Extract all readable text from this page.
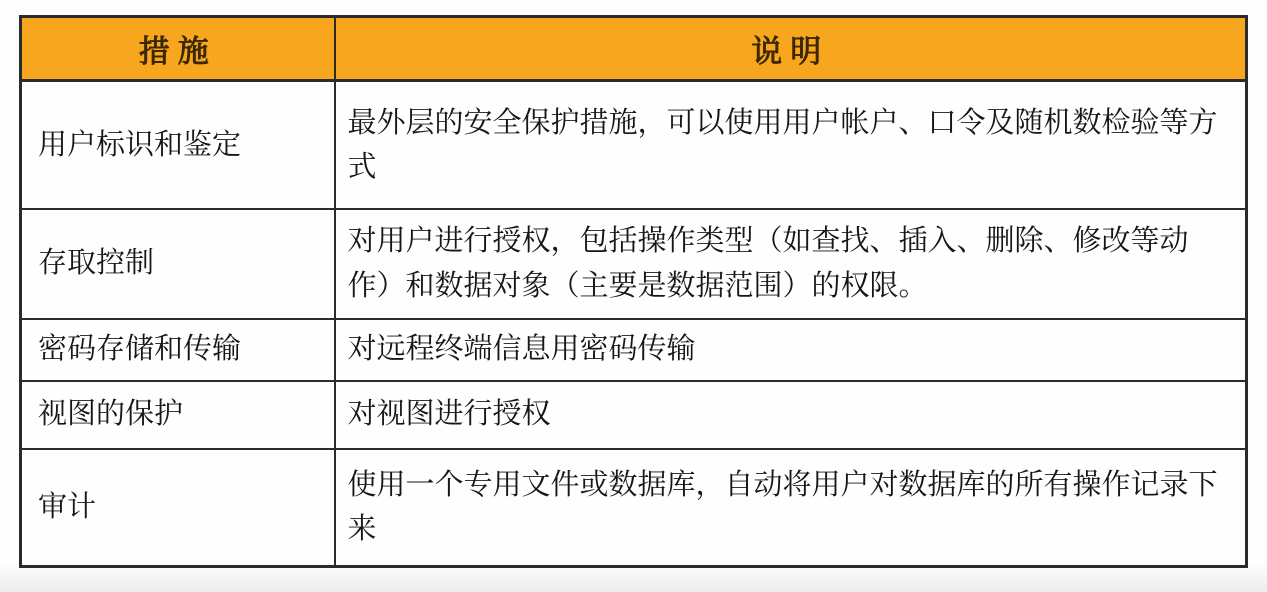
措施	说明
用户标识和鉴定	最外层的安全保护措施，可以使用用户帐户、口令及随机数检验等方式
存取控制	对用户进行授权，包括操作类型（如查找、插入、删除、修改等动作）和数据对象（主要是数据范围）的权限。
密码存储和传输	对远程终端信息用密码传输
视图的保护	对视图进行授权
审计	使用一个专用文件或数据库，自动将用户对数据库的所有操作记录下来
